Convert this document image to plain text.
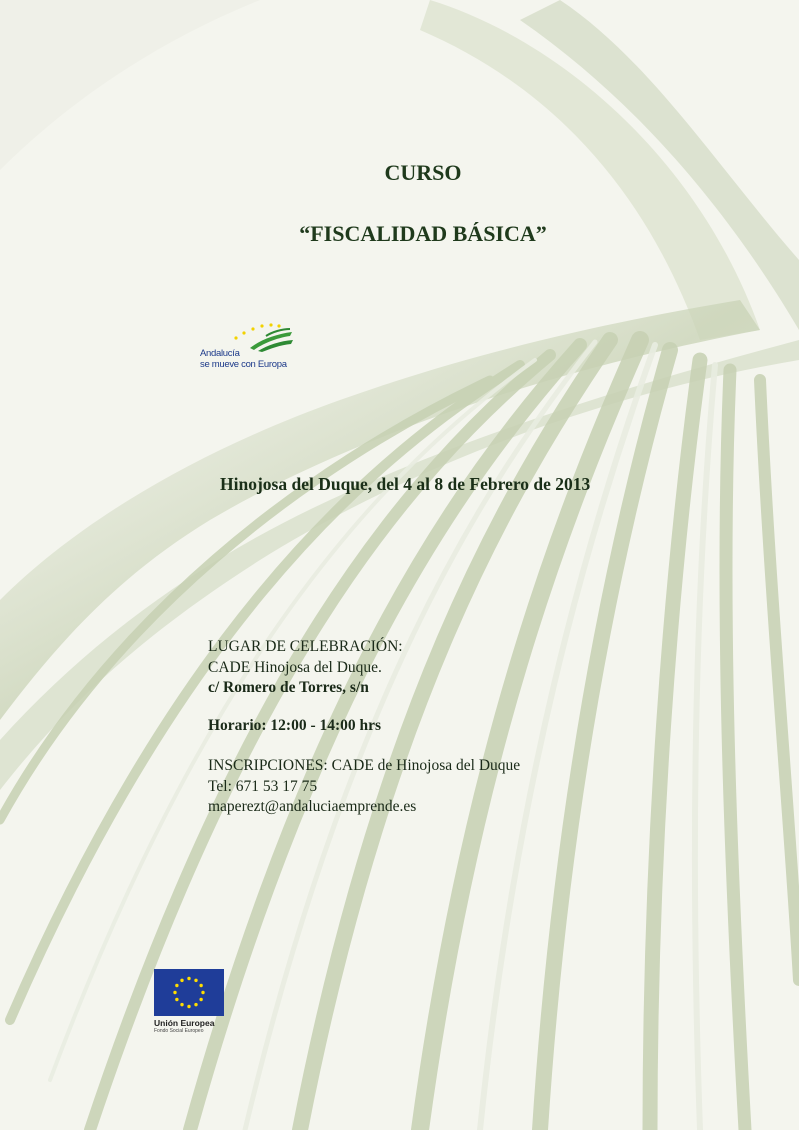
CURSO
“FISCALIDAD BÁSICA”
Andalucía
se mueve con Europa
Hinojosa del Duque, del 4 al 8 de Febrero de 2013
LUGAR DE CELEBRACIÓN:
CADE Hinojosa del Duque.
c/ Romero de Torres, s/n
Horario: 12:00 - 14:00 hrs
INSCRIPCIONES: CADE de Hinojosa del Duque
Tel: 671 53 17 75
maperezt@andaluciaemprende.es
Unión Europea
Fondo Social Europeo
